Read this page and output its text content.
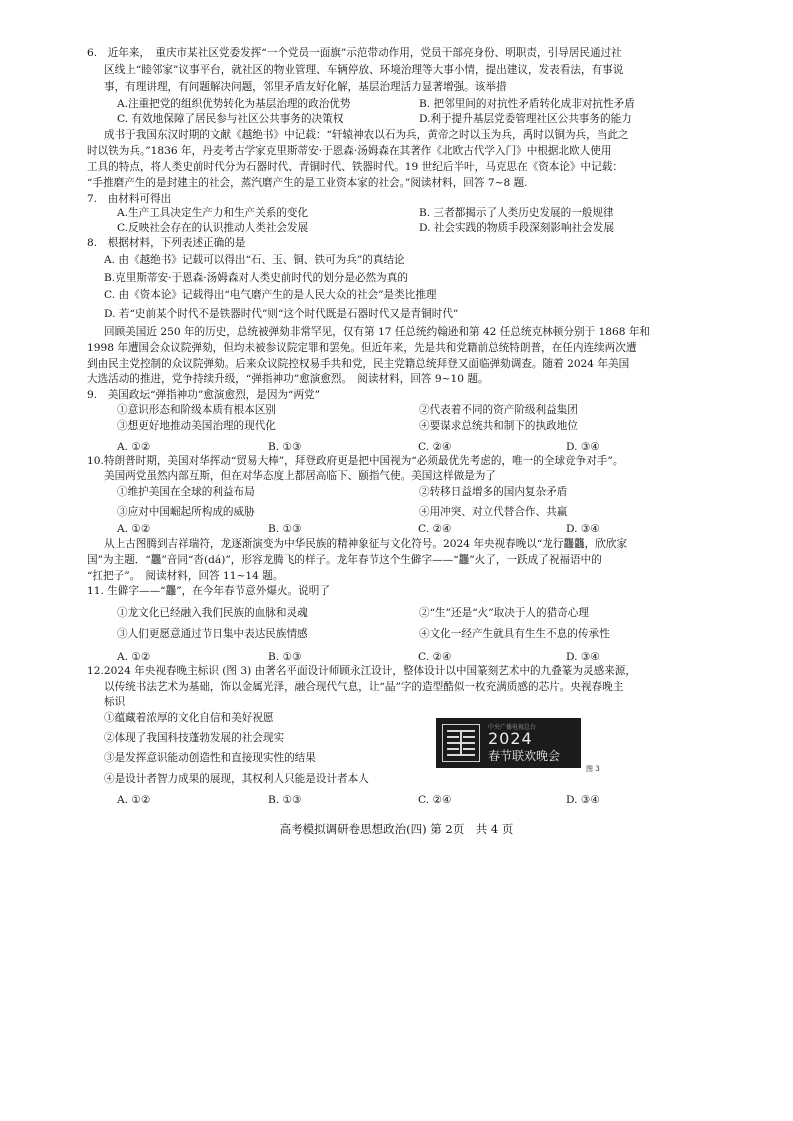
6.　近年来，　重庆市某社区党委发挥“一个党员一面旗”示范带动作用，党员干部亮身份、明职责，引导居民通过社
区线上“睦邻家”议事平台，就社区的物业管理、车辆停放、环境治理等大事小情，提出建议，发表看法，有事说
事，有理讲理，有问题解决问题，邻里矛盾友好化解，基层治理活力显著增强。该举措
A.注重把党的组织优势转化为基层治理的政治优势	B. 把邻里间的对抗性矛盾转化成非对抗性矛盾
C. 有效地保障了居民参与社区公共事务的决策权	D.利于提升基层党委管理社区公共事务的能力
成书于我国东汉时期的文献《越绝书》中记载：“轩辕神农以石为兵，黄帝之时以玉为兵，禹时以铜为兵，当此之
时以铁为兵。”1836 年，丹麦考古学家克里斯蒂安·于恩森·汤姆森在其著作《北欧古代学入门》中根据北欧人使用
工具的特点，将人类史前时代分为石器时代、青铜时代、铁器时代。19 世纪后半叶，马克思在《资本论》中记载：
“手推磨产生的是封建主的社会，蒸汽磨产生的是工业资本家的社会。”阅读材料，回答 7~8 题.
7.　由材料可得出
A.生产工具决定生产力和生产关系的变化	B. 三者都揭示了人类历史发展的一般规律
C.反映社会存在的认识推动人类社会发展	D. 社会实践的物质手段深刻影响社会发展
8.　根据材料，下列表述正确的是
A. 由《越绝书》记载可以得出“石、玉、铜、铁可为兵”的真结论
B.克里斯蒂安·于恩森·汤姆森对人类史前时代的划分是必然为真的
C. 由《资本论》记载得出“电气磨产生的是人民大众的社会”是类比推理
D. 若“史前某个时代不是铁器时代”则“这个时代既是石器时代又是青铜时代”
回顾美国近 250 年的历史，总统被弹劾非常罕见，仅有第 17 任总统约翰逊和第 42 任总统克林顿分别于 1868 年和
1998 年遭国会众议院弹劾，但均未被参议院定罪和罢免。但近年来，先是共和党籍前总统特朗普，在任内连续两次遭
到由民主党控制的众议院弹劾。后来众议院控权易手共和党，民主党籍总统拜登又面临弹劾调查。随着 2024 年美国
大选活动的推进，党争持续升级，“弹指神功”愈演愈烈。　阅读材料，回答 9~10 题。
9.　美国政坛“弹指神功”愈演愈烈，是因为“两党”
①意识形态和阶级本质有根本区别	②代表着不同的资产阶级利益集团
③想更好地推动美国治理的现代化	④要谋求总统共和制下的执政地位
A. ①②	B. ①③	C. ②④	D. ③④
10.特朗普时期，美国对华挥动“贸易大棒”，拜登政府更是把中国视为“必须最优先考虑的，唯一的全球竞争对手”。
美国两党虽然内部互斯，但在对华态度上都居高临下、颐指气使。美国这样做是为了
①维护美国在全球的利益布局	②转移日益增多的国内复杂矛盾
③应对中国崛起所构成的威胁	④用冲突、对立代替合作、共赢
A. ①②	B. ①③	C. ②④	D. ③④
从上古图腾到吉祥瑞符，龙逐渐演变为中华民族的精神象征与文化符号。2024 年央视春晚以“龙行龘龘，欣欣家
国”为主题．“龘”音同“沓(dá)”，形容龙腾飞的样子。龙年春节这个生僻字——“龘”火了，一跃成了祝福语中的
“扛把子”。　阅读材料，回答 11~14 题。
11. 生僻字——“龘”，在今年春节意外爆火。说明了
①龙文化已经融入我们民族的血脉和灵魂	②“生”还是“火”取决于人的猎奇心理
③人们更愿意通过节日集中表达民族情感	④文化一经产生就具有生生不息的传承性
A. ①②	B. ①③	C. ②④	D. ③④
12.2024 年央视春晚主标识 (图 3) 由著名平面设计师顾永江设计，整体设计以中国篆刻艺术中的九叠篆为灵感来源，
以传统书法艺术为基础，饰以金属光泽，融合现代气息，让“晶”字的造型酷似一枚充满质感的芯片。央视春晚主
标识
①蕴藏着浓厚的文化自信和美好祝愿
②体现了我国科技蓬勃发展的社会现实
③是发挥意识能动创造性和直接现实性的结果
④是设计者智力成果的展现，其权利人只能是设计者本人
A. ①②	B. ①③	C. ②④	D. ③④
中央广播电视总台
2024
春节联欢晚会
图 3
高考模拟调研卷思想政治(四) 第 2页　共 4 页
